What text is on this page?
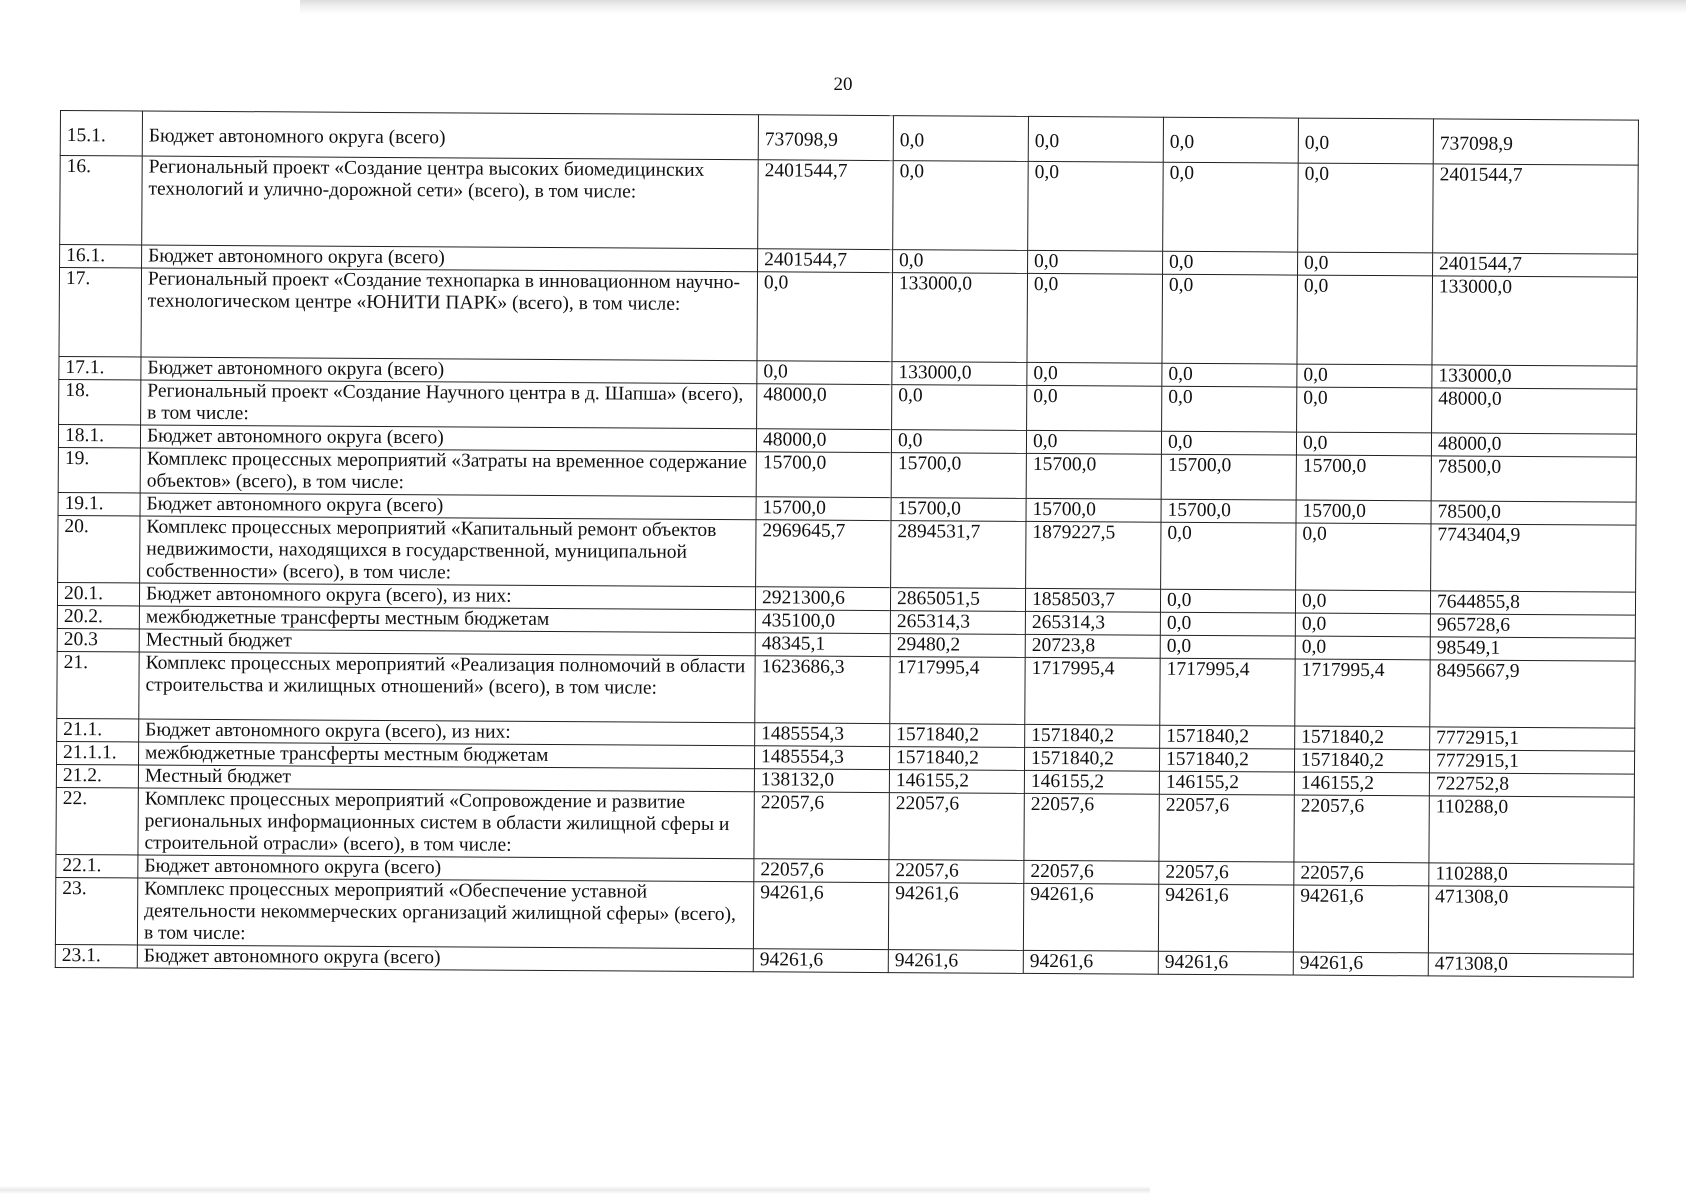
20
15.1.	Бюджет автономного округа (всего)	737098,9	0,0	0,0	0,0	0,0	737098,9
16.	Региональный проект «Создание центра высоких биомедицинских технологий и улично-дорожной сети» (всего), в том числе:	2401544,7	0,0	0,0	0,0	0,0	2401544,7
16.1.	Бюджет автономного округа (всего)	2401544,7	0,0	0,0	0,0	0,0	2401544,7
17.	Региональный проект «Создание технопарка в инновационном научно-технологическом центре «ЮНИТИ ПАРК» (всего), в том числе:	0,0	133000,0	0,0	0,0	0,0	133000,0
17.1.	Бюджет автономного округа (всего)	0,0	133000,0	0,0	0,0	0,0	133000,0
18.	Региональный проект «Создание Научного центра в д. Шапша» (всего), в том числе:	48000,0	0,0	0,0	0,0	0,0	48000,0
18.1.	Бюджет автономного округа (всего)	48000,0	0,0	0,0	0,0	0,0	48000,0
19.	Комплекс процессных мероприятий «Затраты на временное содержание объектов» (всего), в том числе:	15700,0	15700,0	15700,0	15700,0	15700,0	78500,0
19.1.	Бюджет автономного округа (всего)	15700,0	15700,0	15700,0	15700,0	15700,0	78500,0
20.	Комплекс процессных мероприятий «Капитальный ремонт объектов недвижимости, находящихся в государственной, муниципальной собственности» (всего), в том числе:	2969645,7	2894531,7	1879227,5	0,0	0,0	7743404,9
20.1.	Бюджет автономного округа (всего), из них:	2921300,6	2865051,5	1858503,7	0,0	0,0	7644855,8
20.2.	межбюджетные трансферты местным бюджетам	435100,0	265314,3	265314,3	0,0	0,0	965728,6
20.3	Местный бюджет	48345,1	29480,2	20723,8	0,0	0,0	98549,1
21.	Комплекс процессных мероприятий «Реализация полномочий в области строительства и жилищных отношений» (всего), в том числе:	1623686,3	1717995,4	1717995,4	1717995,4	1717995,4	8495667,9
21.1.	Бюджет автономного округа (всего), из них:	1485554,3	1571840,2	1571840,2	1571840,2	1571840,2	7772915,1
21.1.1.	межбюджетные трансферты местным бюджетам	1485554,3	1571840,2	1571840,2	1571840,2	1571840,2	7772915,1
21.2.	Местный бюджет	138132,0	146155,2	146155,2	146155,2	146155,2	722752,8
22.	Комплекс процессных мероприятий «Сопровождение и развитие региональных информационных систем в области жилищной сферы и строительной отрасли» (всего), в том числе:	22057,6	22057,6	22057,6	22057,6	22057,6	110288,0
22.1.	Бюджет автономного округа (всего)	22057,6	22057,6	22057,6	22057,6	22057,6	110288,0
23.	Комплекс процессных мероприятий «Обеспечение уставной деятельности некоммерческих организаций жилищной сферы» (всего), в том числе:	94261,6	94261,6	94261,6	94261,6	94261,6	471308,0
23.1.	Бюджет автономного округа (всего)	94261,6	94261,6	94261,6	94261,6	94261,6	471308,0
